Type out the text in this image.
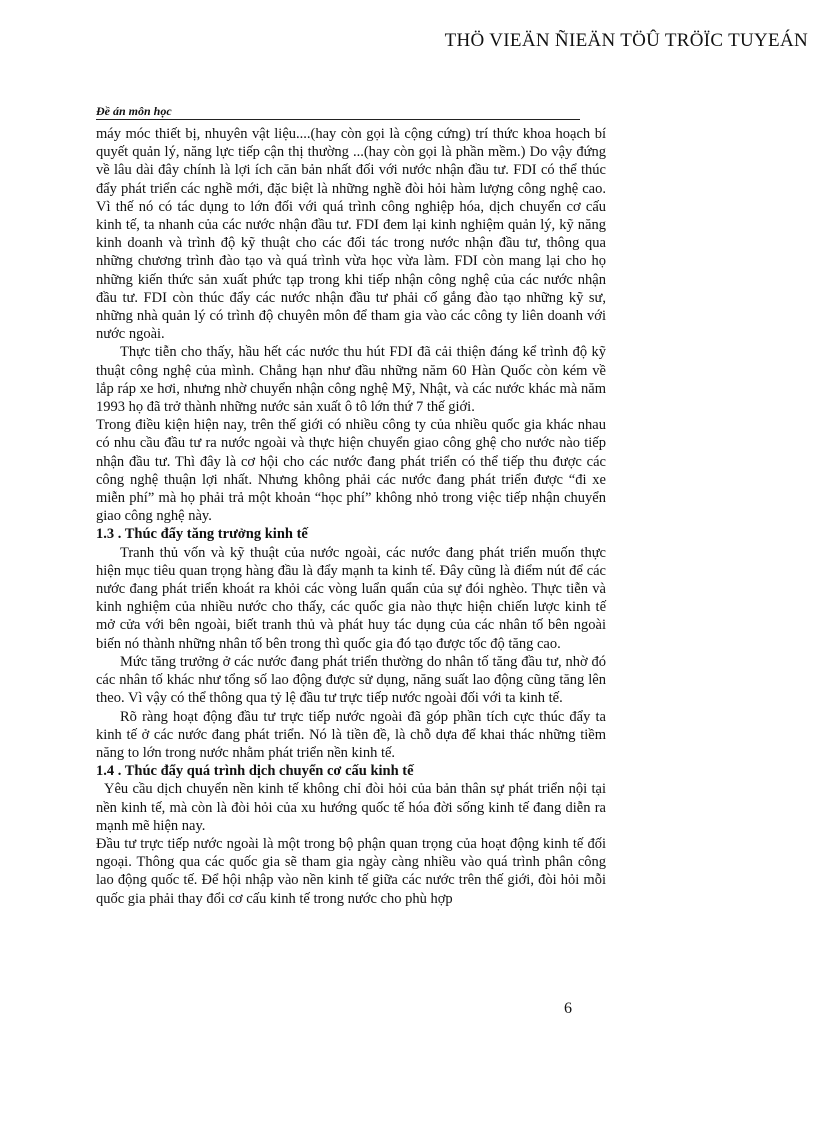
THÖ VIEÄN ÑIEÄN TÖÛ TRÖÏC TUYEÁN
Đề án môn học

máy móc thiết bị, nhuyên vật liệu....(hay còn gọi là cộng cứng) trí thức khoa hoạch bí quyết quản lý, năng lực tiếp cận thị thường ...(hay còn gọi là phần mềm.) Do vậy đứng về lâu dài đây chính là lợi ích căn bản nhất đối với nước nhận đầu tư. FDI có thể thúc đẩy phát triển các nghề mới, đặc biệt là những nghề đòi hỏi hàm lượng công nghệ cao. Vì thế nó có tác dụng to lớn đối với quá trình công nghiệp hóa, dịch chuyển cơ cấu kinh tế, ta nhanh của các nước nhận đầu tư. FDI đem lại kinh nghiệm quản lý, kỹ năng kinh doanh và trình độ kỹ thuật cho các đối tác trong nước nhận đầu tư, thông qua những chương trình đào tạo và quá trình vừa học vừa làm. FDI còn mang lại cho họ những kiến thức sản xuất phức tạp trong khi tiếp nhận công nghệ của các nước nhận đầu tư. FDI còn thúc đẩy các nước nhận đầu tư phải cố gắng đào tạo những kỹ sư, những nhà quản lý có trình độ chuyên môn để tham gia vào các công ty liên doanh với nước ngoài.

Thực tiễn cho thấy, hầu hết các nước thu hút FDI đã cải thiện đáng kể trình độ kỹ thuật công nghệ của mình. Chẳng hạn như đầu những năm 60 Hàn Quốc còn kém về lắp ráp xe hơi, nhưng nhờ chuyển nhận công nghệ Mỹ, Nhật, và các nước khác mà năm 1993 họ đã trở thành những nước sản xuất ô tô lớn thứ 7 thế giới.

Trong điều kiện hiện nay, trên thế giới có nhiều công ty của nhiều quốc gia khác nhau có nhu cầu đầu tư ra nước ngoài và thực hiện chuyển giao công ghệ cho nước nào tiếp nhận đầu tư. Thì đây là cơ hội cho các nước đang phát triển có thể tiếp thu được các công nghệ thuận lợi nhất. Nhưng không phải các nước đang phát triển được “đi xe miễn phí” mà họ phải trả một khoản “học phí” không nhỏ trong việc tiếp nhận chuyển giao công nghệ này.

1.3 . Thúc đẩy tăng trưởng kinh tế

Tranh thủ vốn và kỹ thuật của nước ngoài, các nước đang phát triển muốn thực hiện mục tiêu quan trọng hàng đầu là đẩy mạnh ta kinh tế. Đây cũng là điểm nút để các nước đang phát triển khoát ra khỏi các vòng luẩn quẩn của sự đói nghèo. Thực tiễn và kinh nghiệm của nhiều nước cho thấy, các quốc gia nào thực hiện chiến lược kinh tế mở cửa với bên ngoài, biết tranh thủ và phát huy tác dụng của các nhân tố bên ngoài biến nó thành những nhân tố bên trong thì quốc gia đó tạo được tốc độ tăng cao.

Mức tăng trưởng ở các nước đang phát triển thường do nhân tố tăng đầu tư, nhờ đó các nhân tố khác như tổng số lao động được sử dụng, năng suất lao động cũng tăng lên theo. Vì vậy có thể thông qua tỷ lệ đầu tư trực tiếp nước ngoài đối với ta kinh tế.

Rõ ràng hoạt động đầu tư trực tiếp nước ngoài đã góp phần tích cực thúc đẩy ta kinh tế ở các nước đang phát triển. Nó là tiền đề, là chỗ dựa để khai thác những tiềm năng to lớn trong nước nhằm phát triển nền kinh tế.

1.4 . Thúc đẩy quá trình dịch chuyển cơ cấu kinh tế

Yêu cầu dịch chuyển nền kinh tế không chỉ đòi hỏi của bản thân sự phát triển nội tại nền kinh tế, mà còn là đòi hỏi của xu hướng quốc tế hóa đời sống kinh tế đang diễn ra mạnh mẽ hiện nay.

Đầu tư trực tiếp nước ngoài là một trong bộ phận quan trọng của hoạt động kinh tế đối ngoại. Thông qua các quốc gia sẽ tham gia ngày càng nhiều vào quá trình phân công lao động quốc tế. Để hội nhập vào nền kinh tế giữa các nước trên thế giới, đòi hỏi mỗi quốc gia phải thay đổi cơ cấu kinh tế trong nước cho phù hợp

6
